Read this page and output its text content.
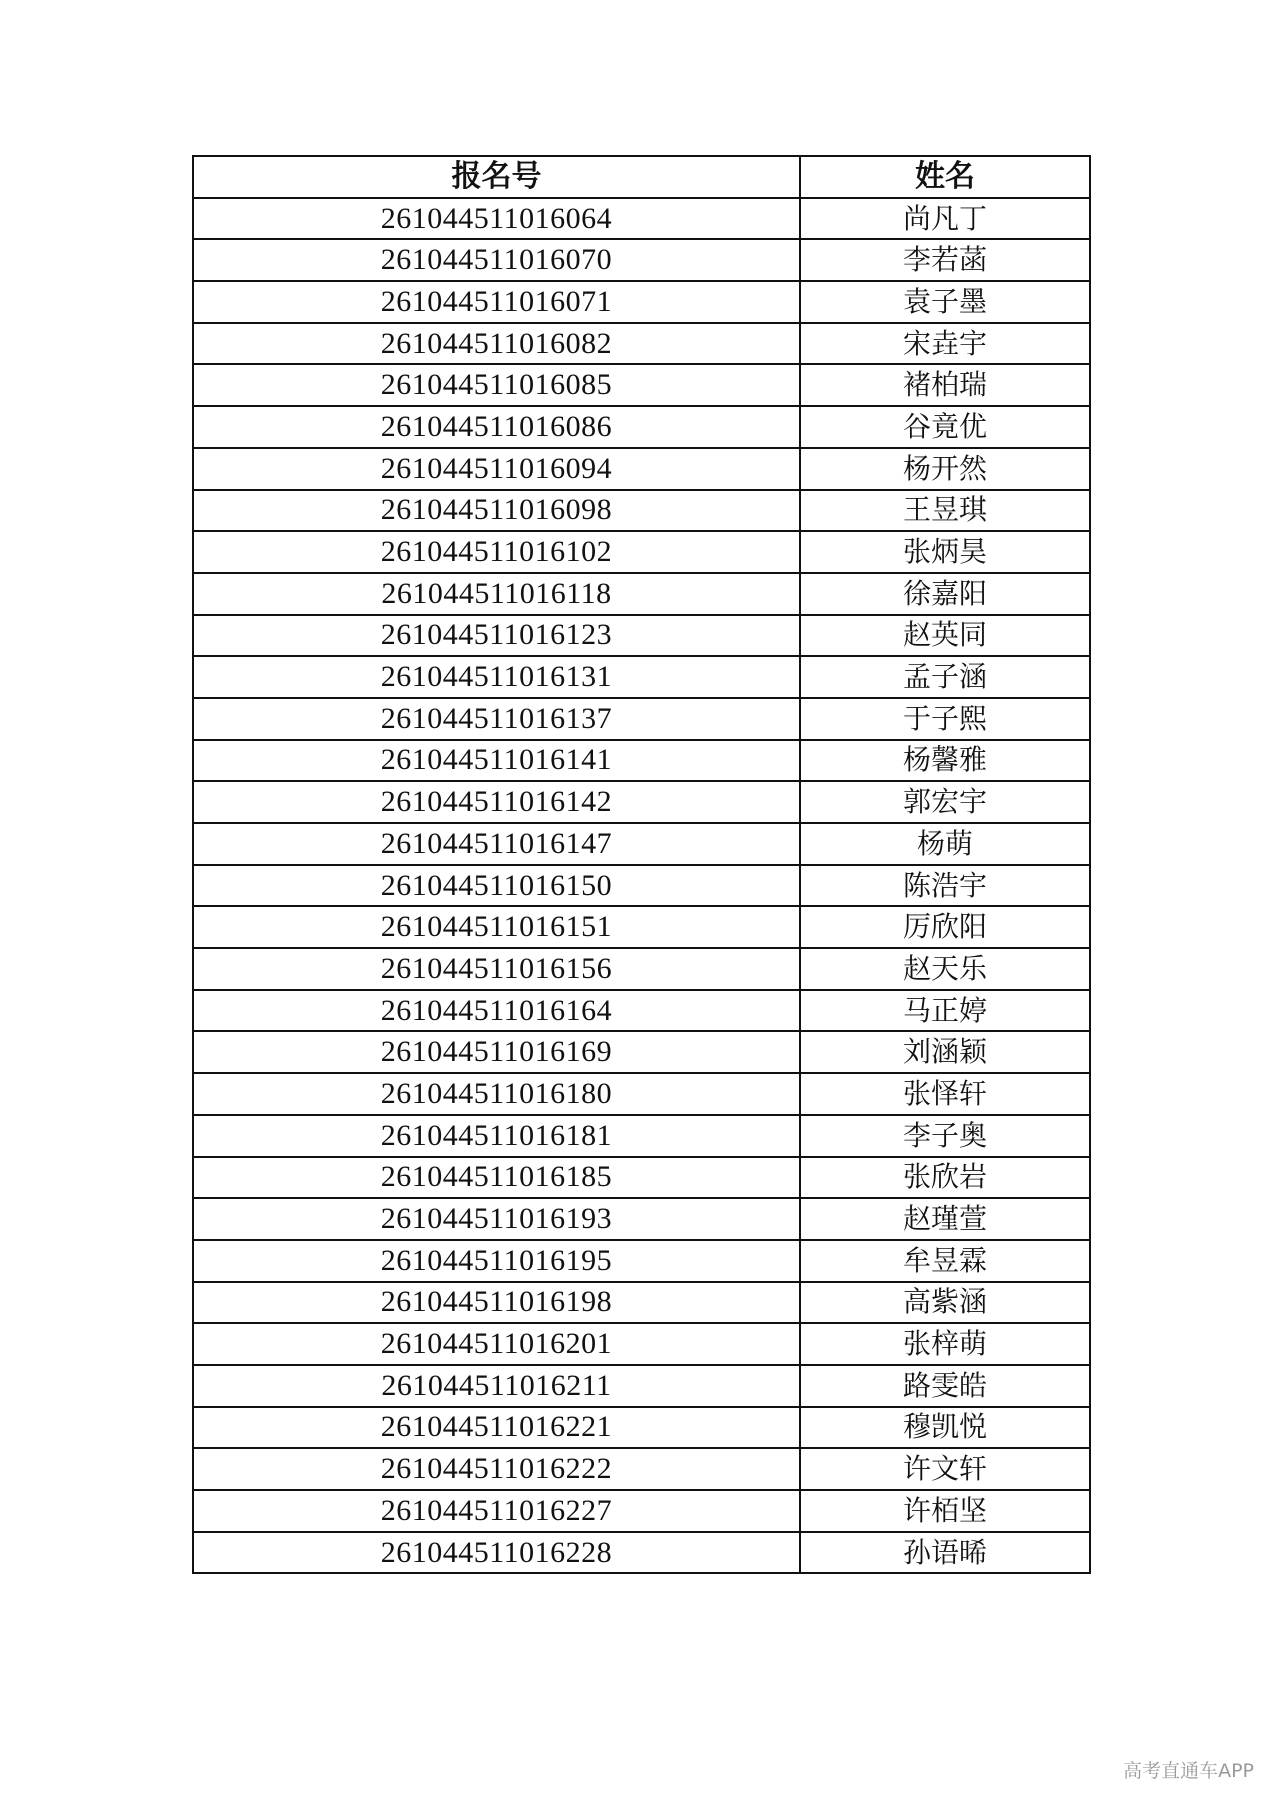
报名号	姓名
261044511016064	尚凡丁
261044511016070	李若菡
261044511016071	袁子墨
261044511016082	宋垚宇
261044511016085	褚柏瑞
261044511016086	谷竟优
261044511016094	杨开然
261044511016098	王昱琪
261044511016102	张炳昊
261044511016118	徐嘉阳
261044511016123	赵英同
261044511016131	孟子涵
261044511016137	于子熙
261044511016141	杨馨雅
261044511016142	郭宏宇
261044511016147	杨萌
261044511016150	陈浩宇
261044511016151	厉欣阳
261044511016156	赵天乐
261044511016164	马正婷
261044511016169	刘涵颖
261044511016180	张怿轩
261044511016181	李子奥
261044511016185	张欣岩
261044511016193	赵瑾萱
261044511016195	牟昱霖
261044511016198	高紫涵
261044511016201	张梓萌
261044511016211	路雯皓
261044511016221	穆凯悦
261044511016222	许文轩
261044511016227	许栢坚
261044511016228	孙语晞
高考直通车APP
